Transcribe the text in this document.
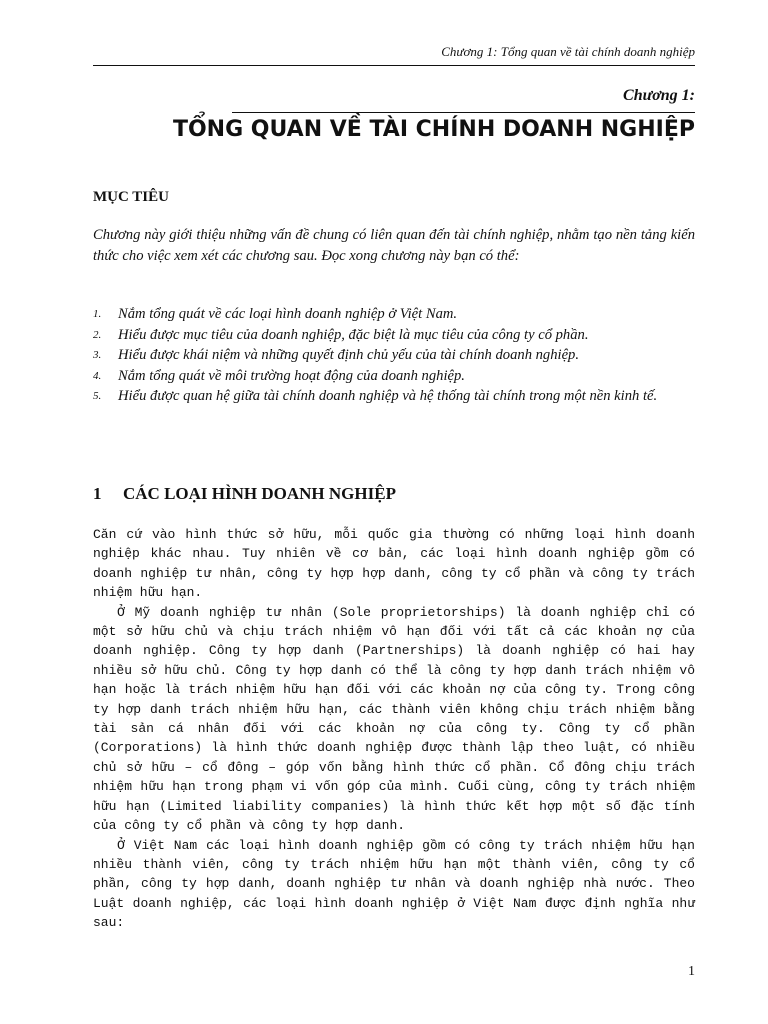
Chương 1: Tổng quan về tài chính doanh nghiệp
Chương 1:
TỔNG QUAN VỀ TÀI CHÍNH DOANH NGHIỆP
MỤC TIÊU

Chương này giới thiệu những vấn đề chung có liên quan đến tài chính nghiệp, nhằm tạo nền tảng kiến thức cho việc xem xét các chương sau. Đọc xong chương này bạn có thể:

1. Nắm tổng quát về các loại hình doanh nghiệp ở Việt Nam.
2. Hiểu được mục tiêu của doanh nghiệp, đặc biệt là mục tiêu của công ty cổ phần.
3. Hiểu được khái niệm và những quyết định chủ yếu của tài chính doanh nghiệp.
4. Nắm tổng quát về môi trường hoạt động của doanh nghiệp.
5. Hiểu được quan hệ giữa tài chính doanh nghiệp và hệ thống tài chính trong một nền kinh tế.
1 CÁC LOẠI HÌNH DOANH NGHIỆP

Căn cứ vào hình thức sở hữu, mỗi quốc gia thường có những loại hình doanh nghiệp khác nhau. Tuy nhiên về cơ bản, các loại hình doanh nghiệp gồm có doanh nghiệp tư nhân, công ty hợp hợp danh, công ty cổ phần và công ty trách nhiệm hữu hạn.

Ở Mỹ doanh nghiệp tư nhân (Sole proprietorships) là doanh nghiệp chỉ có một sở hữu chủ và chịu trách nhiệm vô hạn đối với tất cả các khoản nợ của doanh nghiệp. Công ty hợp danh (Partnerships) là doanh nghiệp có hai hay nhiều sở hữu chủ. Công ty hợp danh có thể là công ty hợp danh trách nhiệm vô hạn hoặc là trách nhiệm hữu hạn đối với các khoản nợ của công ty. Trong công ty hợp danh trách nhiệm hữu hạn, các thành viên không chịu trách nhiệm bằng tài sản cá nhân đối với các khoản nợ của công ty. Công ty cổ phần (Corporations) là hình thức doanh nghiệp được thành lập theo luật, có nhiều chủ sở hữu – cổ đông – góp vốn bằng hình thức cổ phần. Cổ đông chịu trách nhiệm hữu hạn trong phạm vi vốn góp của mình. Cuối cùng, công ty trách nhiệm hữu hạn (Limited liability companies) là hình thức kết hợp một số đặc tính của công ty cổ phần và công ty hợp danh.

Ở Việt Nam các loại hình doanh nghiệp gồm có công ty trách nhiệm hữu hạn nhiều thành viên, công ty trách nhiệm hữu hạn một thành viên, công ty cổ phần, công ty hợp danh, doanh nghiệp tư nhân và doanh nghiệp nhà nước. Theo Luật doanh nghiệp, các loại hình doanh nghiệp ở Việt Nam được định nghĩa như sau:

1
